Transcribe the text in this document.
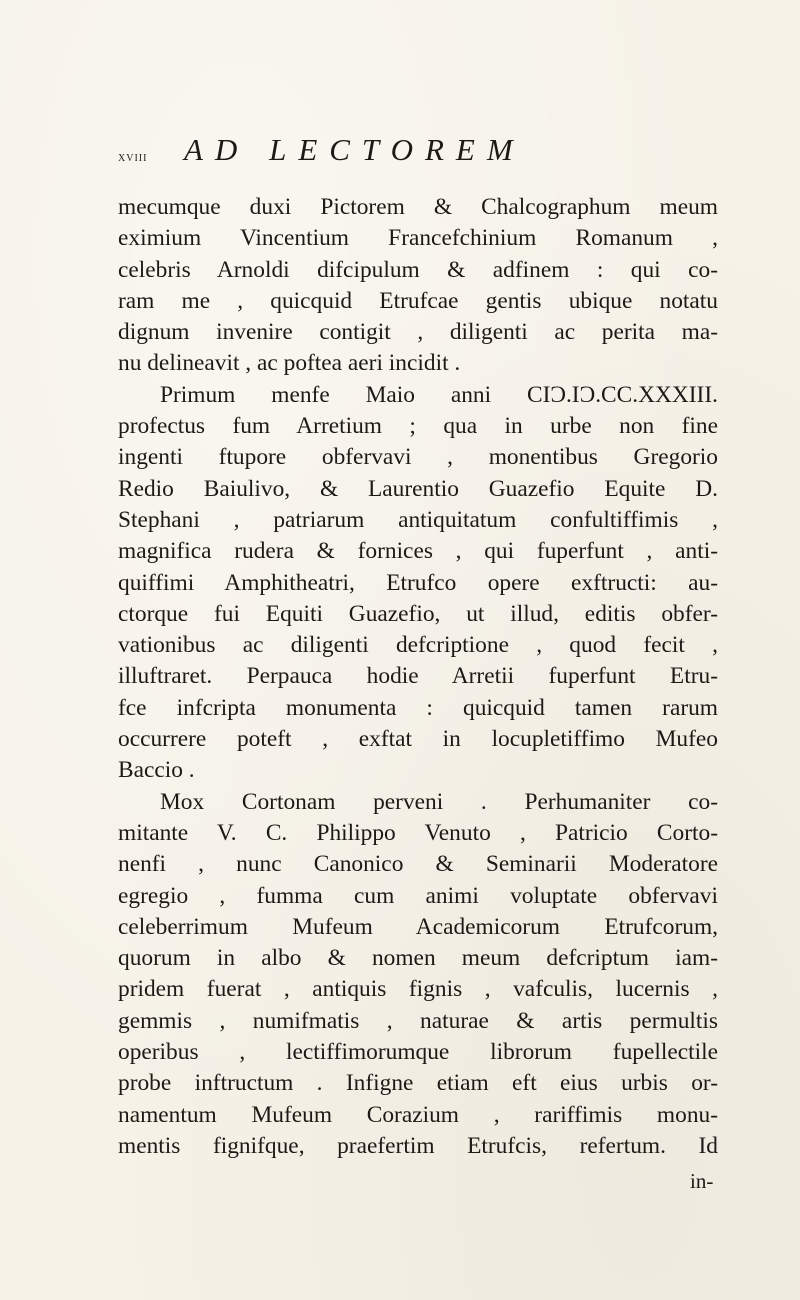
xviii AD LECTOREM
mecumque duxi Pictorem & Chalcographum meum
eximium Vincentium Francefchinium Romanum ,
celebris Arnoldi difcipulum & adfinem : qui co-
ram me , quicquid Etrufcae gentis ubique notatu
dignum invenire contigit , diligenti ac perita ma-
nu delineavit , ac poftea aeri incidit .
Primum menfe Maio anni CIƆ.IƆ.CC.XXXIII.
profectus fum Arretium ; qua in urbe non fine
ingenti ftupore obfervavi , monentibus Gregorio
Redio Baiulivo, & Laurentio Guazefio Equite D.
Stephani , patriarum antiquitatum confultiffimis ,
magnifica rudera & fornices , qui fuperfunt , anti-
quiffimi Amphitheatri, Etrufco opere exftructi: au-
ctorque fui Equiti Guazefio, ut illud, editis obfer-
vationibus ac diligenti defcriptione , quod fecit ,
illuftraret. Perpauca hodie Arretii fuperfunt Etru-
fce infcripta monumenta : quicquid tamen rarum
occurrere poteft , exftat in locupletiffimo Mufeo
Baccio .
Mox Cortonam perveni . Perhumaniter co-
mitante V. C. Philippo Venuto , Patricio Corto-
nenfi , nunc Canonico & Seminarii Moderatore
egregio , fumma cum animi voluptate obfervavi
celeberrimum Mufeum Academicorum Etrufcorum,
quorum in albo & nomen meum defcriptum iam-
pridem fuerat , antiquis fignis , vafculis, lucernis ,
gemmis , numifmatis , naturae & artis permultis
operibus , lectiffimorumque librorum fupellectile
probe inftructum . Infigne etiam eft eius urbis or-
namentum Mufeum Corazium , rariffimis monu-
mentis fignifque, praefertim Etrufcis, refertum. Id
in-
